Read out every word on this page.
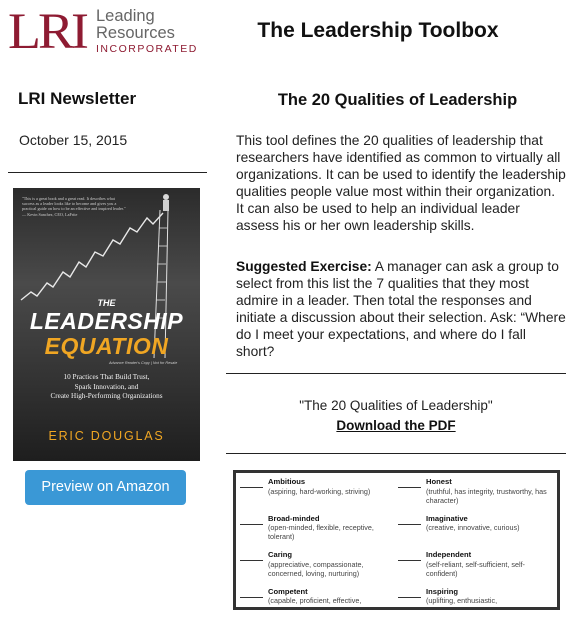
LRI Leading
Resources
INCORPORATED
The Leadership Toolbox
LRI Newsletter
October 15, 2015
"This is a great book and a great read. It describes what success as a leader looks like to become and gives you a practical guide on how to be an effective and inspired leader." — Kevin Sanchez, CEO, LaFrite
THE
LEADERSHIP
EQUATION
Advance Reader's Copy | Not for Resale
10 Practices That Build Trust,
Spark Innovation, and
Create High-Performing Organizations
ERIC DOUGLAS
Preview on Amazon
The 20 Qualities of Leadership
This tool defines the 20 qualities of leadership that researchers have identified as common to virtually all organizations. It can be used to identify the leadership qualities people value most within their organization. It can also be used to help an individual leader assess his or her own leadership skills.
Suggested Exercise: A manager can ask a group to select from this list the 7 qualities that they most admire in a leader. Then total the responses and initiate a discussion about their selection. Ask: “Where do I meet your expectations, and where do I fall short?
"The 20 Qualities of Leadership"
Download the PDF
Ambitious
(aspiring, hard-working, striving)
Broad-minded
(open-minded, flexible, receptive, tolerant)
Caring
(appreciative, compassionate, concerned, loving, nurturing)
Competent
(capable, proficient, effective,
Honest
(truthful, has integrity, trustworthy, has character)
Imaginative
(creative, innovative, curious)
Independent
(self-reliant, self-sufficient, self-confident)
Inspiring
(uplifting, enthusiastic,
